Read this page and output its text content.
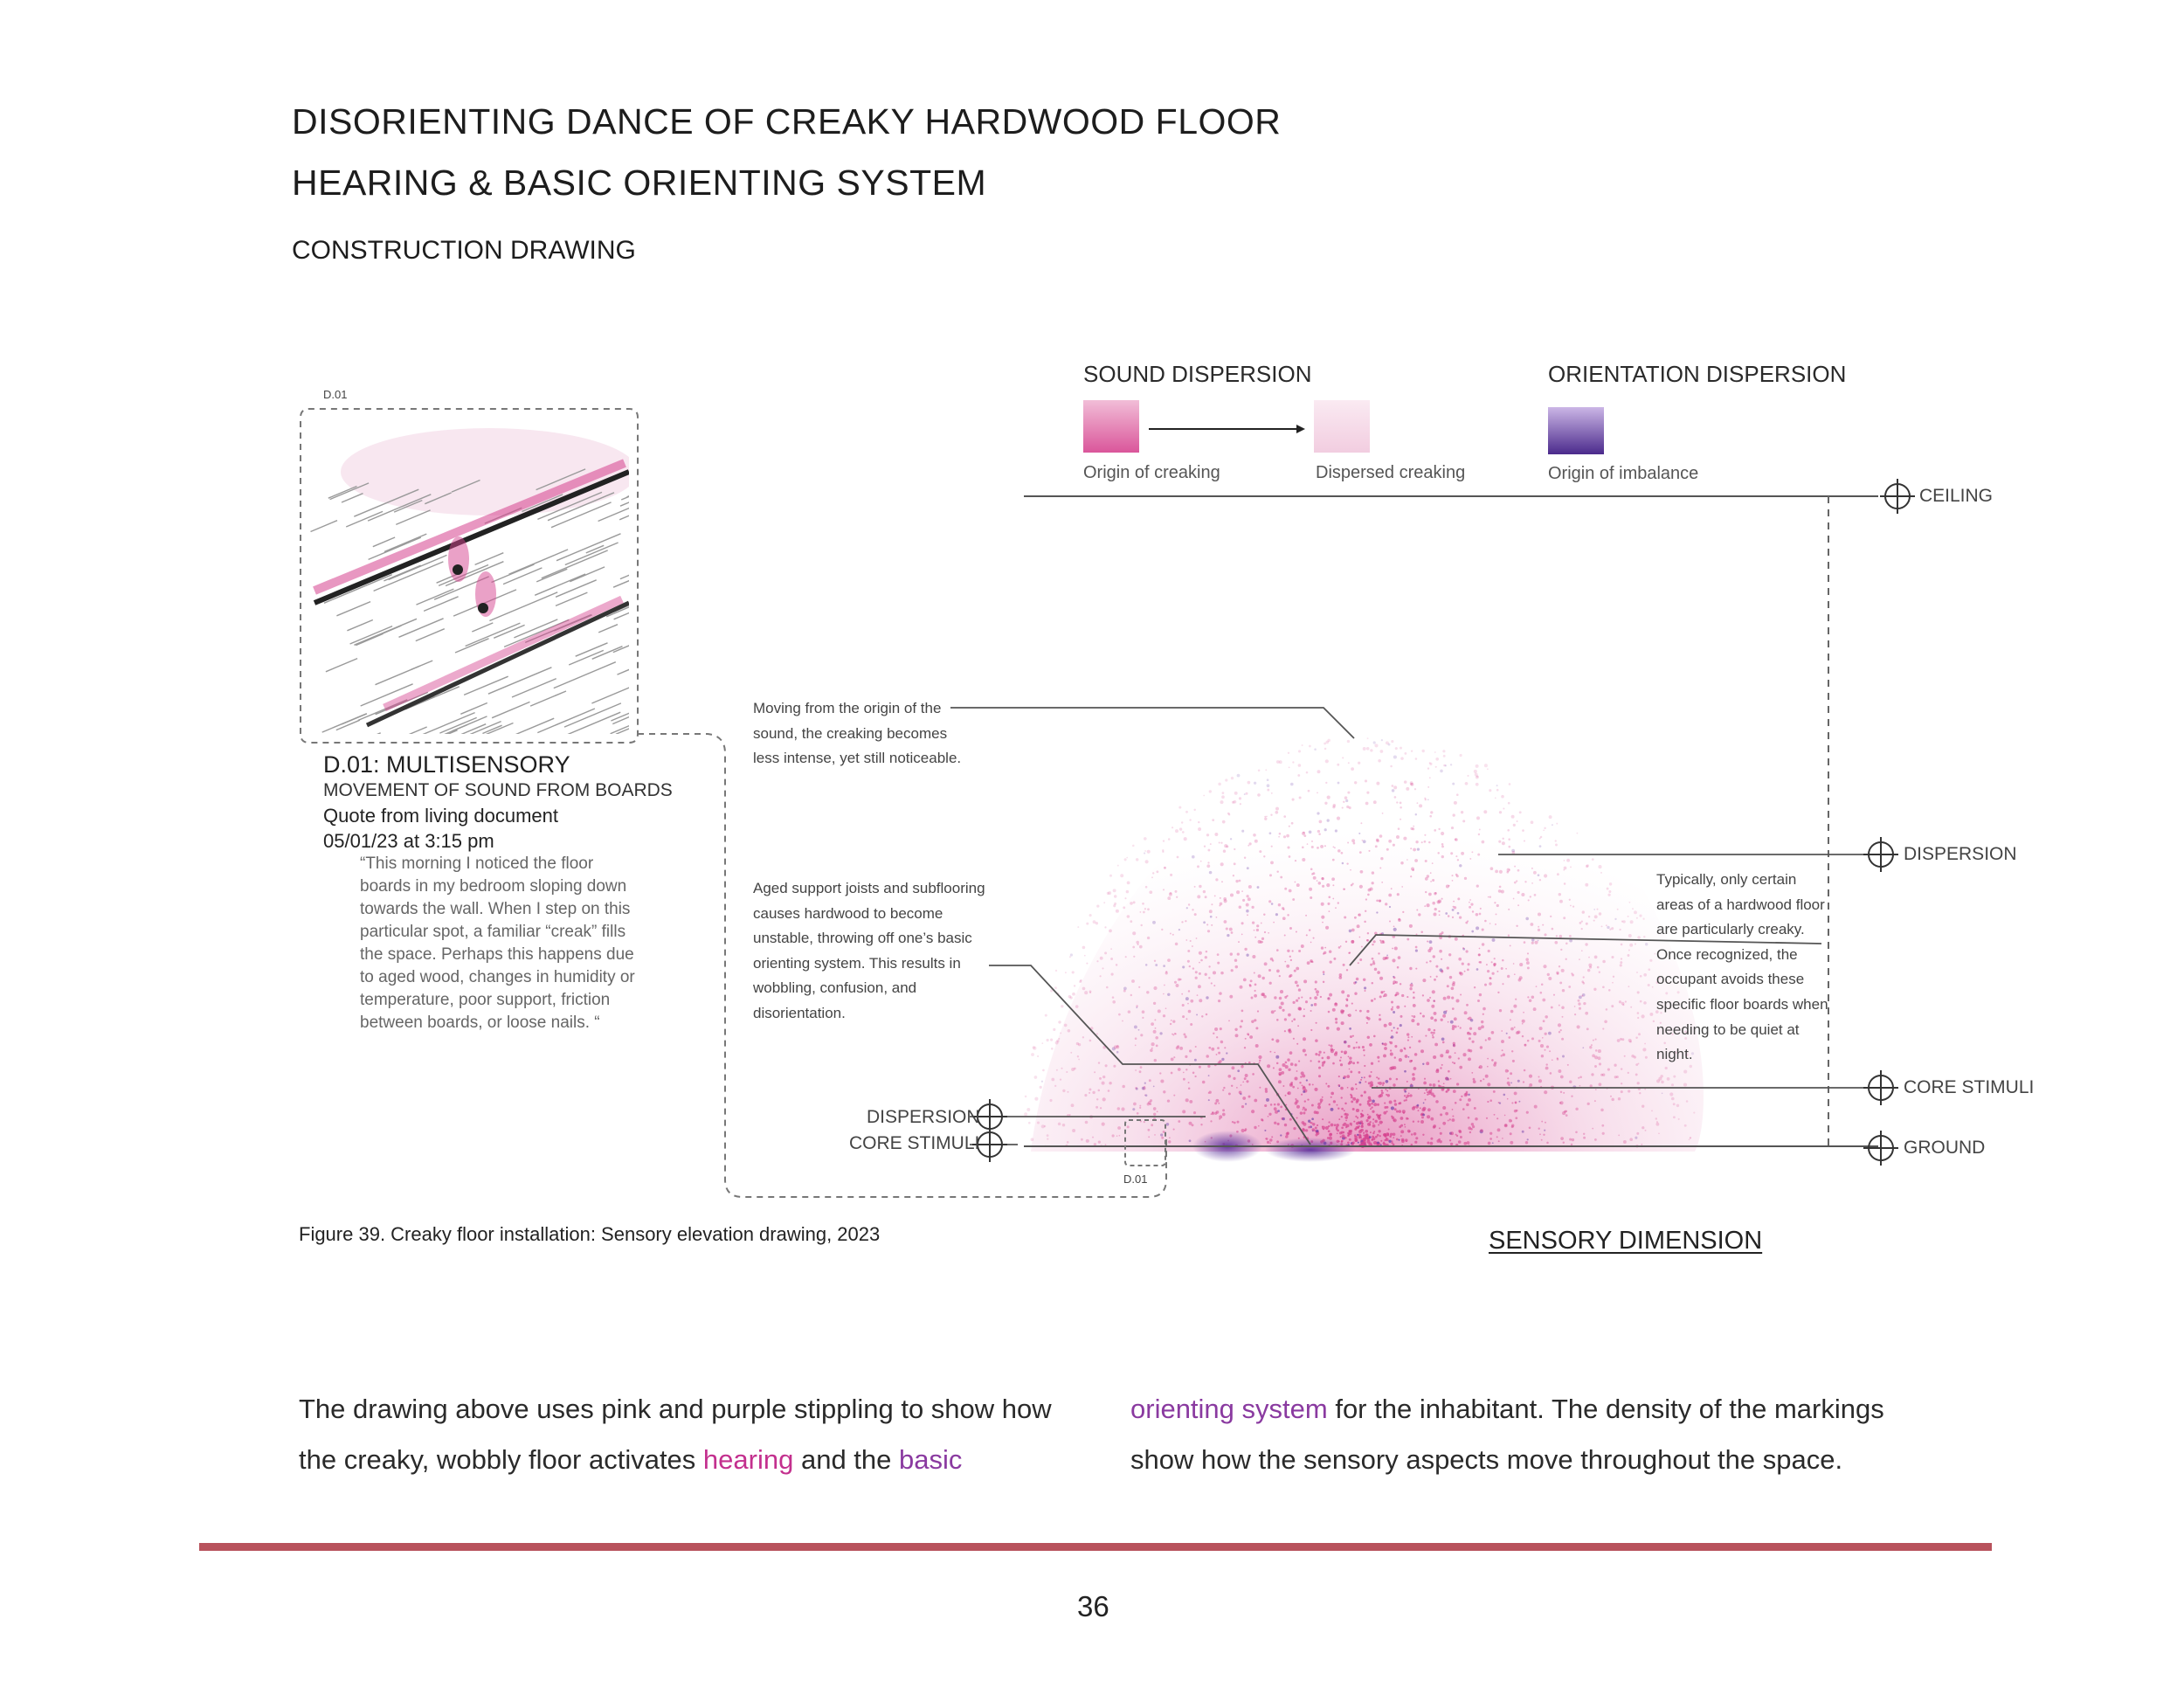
DISORIENTING DANCE OF CREAKY HARDWOOD FLOOR
HEARING & BASIC ORIENTING SYSTEM
CONSTRUCTION DRAWING
SOUND DISPERSION	ORIENTATION DISPERSION
Origin of creaking	Dispersed creaking	Origin of imbalance
CEILING
DISPERSION
CORE STIMULI
GROUND
DISPERSION
CORE STIMULI
Moving from the origin of the sound, the creaking becomes less intense, yet still noticeable.
Aged support joists and subflooring causes hardwood to become unstable, throwing off one’s basic orienting system. This results in wobbling, confusion, and disorientation.
Typically, only certain areas of a hardwood floor are particularly creaky. Once recognized, the occupant avoids these specific floor boards when needing to be quiet at night.
D.01
D.01
D.01: MULTISENSORY
MOVEMENT OF SOUND FROM BOARDS
Quote from living document
05/01/23 at 3:15 pm
“This morning I noticed the floor boards in my bedroom sloping down towards the wall. When I step on this particular spot, a familiar “creak” fills the space. Perhaps this happens due to aged wood, changes in humidity or temperature, poor support, friction between boards, or loose nails. “
Figure 39. Creaky floor installation: Sensory elevation drawing, 2023	SENSORY DIMENSION
The drawing above uses pink and purple stippling to show how the creaky, wobbly floor activates hearing and the basic
orienting system for the inhabitant. The density of the markings show how the sensory aspects move throughout the space.
36
